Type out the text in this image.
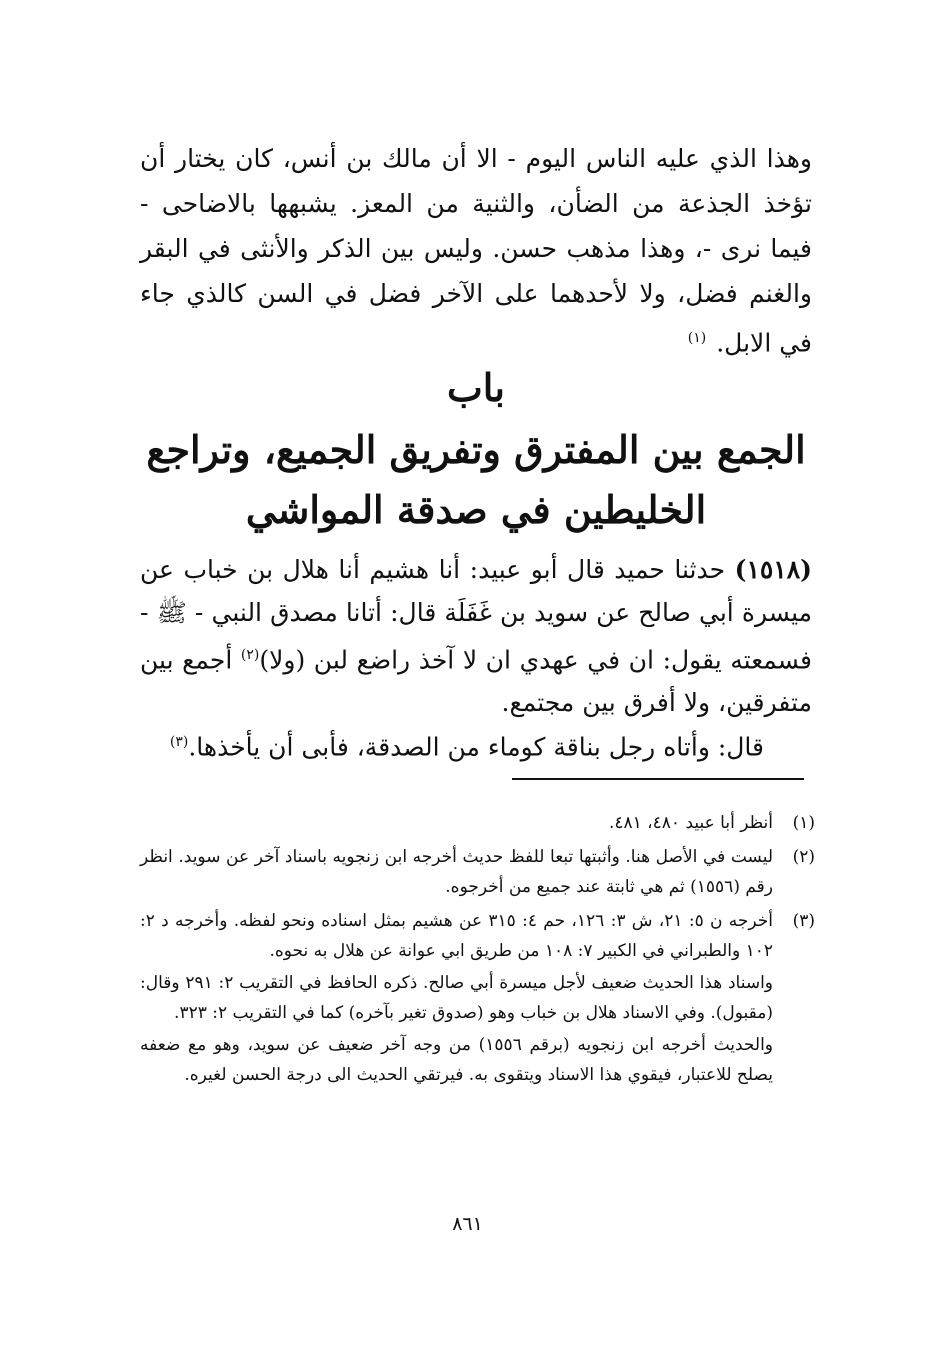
وهذا الذي عليه الناس اليوم - الا أن مالك بن أنس، كان يختار أن تؤخذ الجذعة من الضأن، والثنية من المعز. يشبهها بالاضاحى - فيما نرى -، وهذا مذهب حسن. وليس بين الذكر والأنثى في البقر والغنم فضل، ولا لأحدهما على الآخر فضل في السن كالذي جاء في الابل. $^{(١)}$
باب
الجمع بين المفترق وتفريق الجميع، وتراجع الخليطين في صدقة المواشي
(١٥١٨) حدثنا حميد قال أبو عبيد: أنا هشيم أنا هلال بن خباب عن ميسرة أبي صالح عن سويد بن غَفَلَة قال: أتانا مصدق النبي - ﷺ - فسمعته يقول: ان في عهدي ان لا آخذ راضع لبن (ولا)$^{(٢)}$ أجمع بين متفرقين، ولا أفرق بين مجتمع.
قال: وأتاه رجل بناقة كوماء من الصدقة، فأبى أن يأخذها.$^{(٣)}$
(١)

أنظر أبا عبيد ٤٨٠، ٤٨١.

(٢)

ليست في الأصل هنا. وأثبتها تبعا للفظ حديث أخرجه ابن زنجويه باسناد آخر عن سويد. انظر رقم (١٥٥٦) ثم هي ثابتة عند جميع من أخرجوه.

(٣)

أخرجه ن ٥: ٢١، ش ٣: ١٢٦، حم ٤: ٣١٥ عن هشيم بمثل اسناده ونحو لفظه. وأخرجه د ٢: ١٠٢ والطبراني في الكبير ٧: ١٠٨ من طريق ابي عوانة عن هلال به نحوه.

واسناد هذا الحديث ضعيف لأجل ميسرة أبي صالح. ذكره الحافظ في التقريب ٢: ٢٩١ وقال: (مقبول). وفي الاسناد هلال بن خباب وهو (صدوق تغير بآخره) كما في التقريب ٢: ٣٢٣.

والحديث أخرجه ابن زنجويه (برقم ١٥٥٦) من وجه آخر ضعيف عن سويد، وهو مع ضعفه يصلح للاعتبار، فيقوي هذا الاسناد ويتقوى به. فيرتقي الحديث الى درجة الحسن لغيره.

٨٦١
